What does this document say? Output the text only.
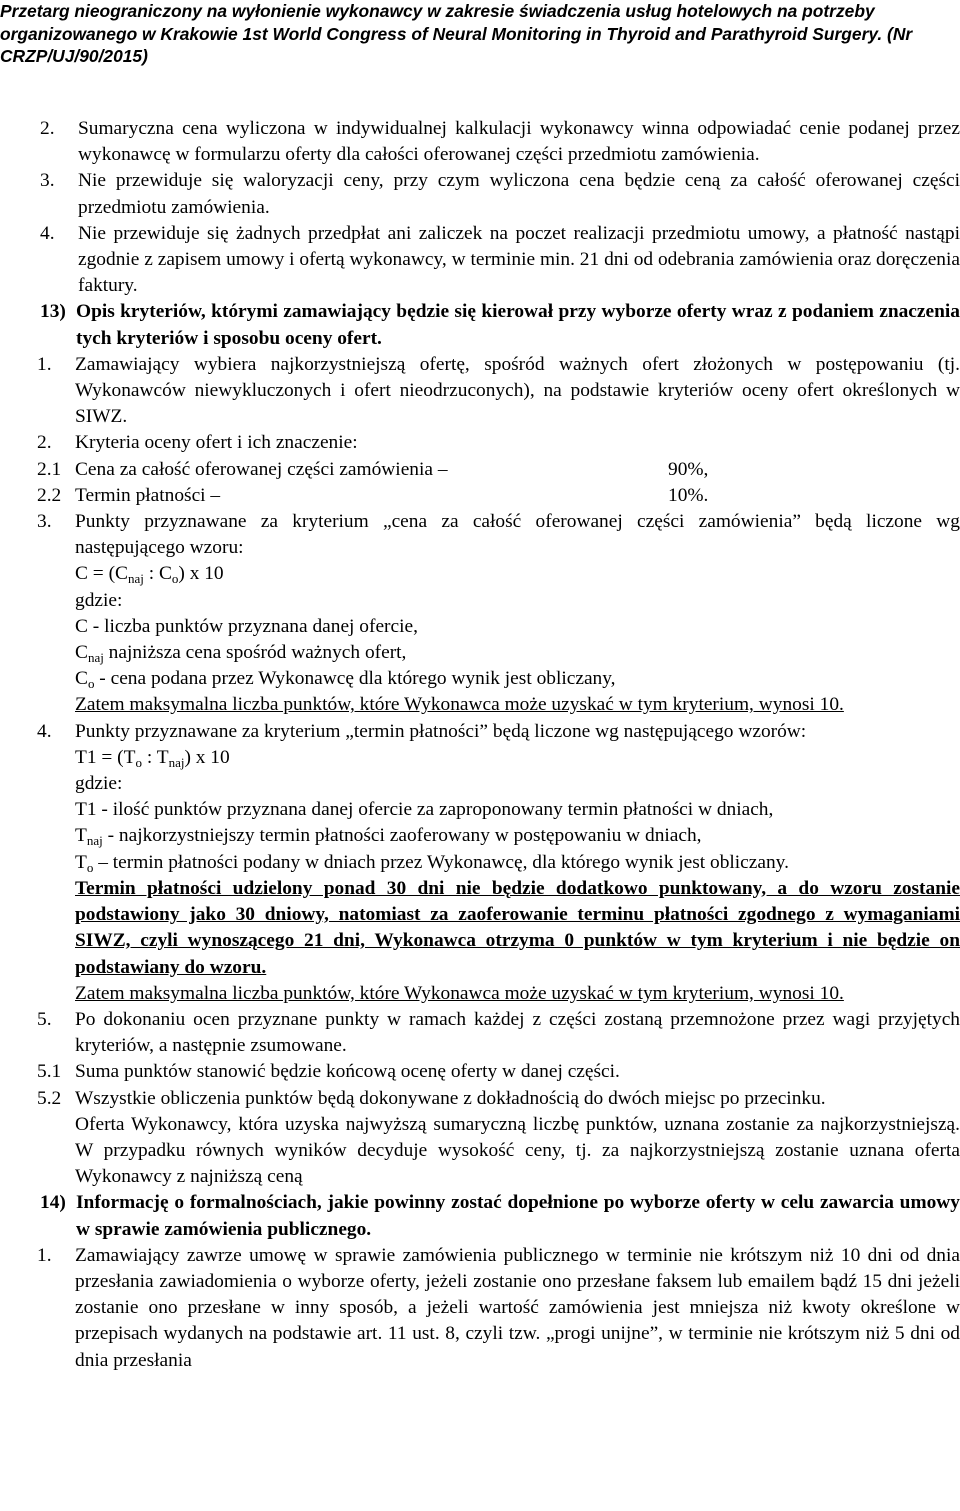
Przetarg nieograniczony na wyłonienie wykonawcy w zakresie świadczenia usług hotelowych na potrzeby
organizowanego w Krakowie 1st World Congress of Neural Monitoring in Thyroid and Parathyroid Surgery. (Nr
CRZP/UJ/90/2015)
2.	Sumaryczna cena wyliczona w indywidualnej kalkulacji wykonawcy winna odpowiadać cenie podanej przez wykonawcę w formularzu oferty dla całości oferowanej części przedmiotu zamówienia.
3.	Nie przewiduje się waloryzacji ceny, przy czym wyliczona cena będzie ceną za całość oferowanej części przedmiotu zamówienia.
4.	Nie przewiduje się żadnych przedpłat ani zaliczek na poczet realizacji przedmiotu umowy, a płatność nastąpi zgodnie z zapisem umowy i ofertą wykonawcy, w terminie min. 21 dni od odebrania zamówienia oraz doręczenia faktury.
13) Opis kryteriów, którymi zamawiający będzie się kierował przy wyborze oferty wraz z podaniem znaczenia tych kryteriów i sposobu oceny ofert.
1.	Zamawiający wybiera najkorzystniejszą ofertę, spośród ważnych ofert złożonych w postępowaniu (tj. Wykonawców niewykluczonych i ofert nieodrzuconych), na podstawie kryteriów oceny ofert określonych w SIWZ.
2.	Kryteria oceny ofert i ich znaczenie:
2.1 Cena za całość oferowanej części zamówienia –	90%,
2.2 Termin płatności –	10%.
3.	Punkty przyznawane za kryterium „cena za całość oferowanej części zamówienia” będą liczone wg następującego wzoru:
$C = (C_{naj}$ : $C_o$) x 10
gdzie:
C - liczba punktów przyznana danej ofercie,
$C_{naj}$ najniższa cena spośród ważnych ofert,
$C_o$ - cena podana przez Wykonawcę dla którego wynik jest obliczany,
Zatem maksymalna liczba punktów, które Wykonawca może uzyskać w tym kryterium, wynosi 10.
4.	Punkty przyznawane za kryterium „termin płatności” będą liczone wg następującego wzorów:
$T1 = (T_o$ : $T_{naj}$) x 10
gdzie:
T1 - ilość punktów przyznana danej ofercie za zaproponowany termin płatności w dniach,
$T_{naj}$ - najkorzystniejszy termin płatności zaoferowany w postępowaniu w dniach,
$T_o$ – termin płatności podany w dniach przez Wykonawcę, dla którego wynik jest obliczany.
Termin płatności udzielony ponad 30 dni nie będzie dodatkowo punktowany, a do wzoru zostanie podstawiony jako 30 dniowy, natomiast za zaoferowanie terminu płatności zgodnego z wymaganiami SIWZ, czyli wynoszącego 21 dni, Wykonawca otrzyma 0 punktów w tym kryterium i nie będzie on podstawiany do wzoru.
Zatem maksymalna liczba punktów, które Wykonawca może uzyskać w tym kryterium, wynosi 10.
5.	Po dokonaniu ocen przyznane punkty w ramach każdej z części zostaną przemnożone przez wagi przyjętych kryteriów, a następnie zsumowane.
5.1 Suma punktów stanowić będzie końcową ocenę oferty w danej części.
5.2 Wszystkie obliczenia punktów będą dokonywane z dokładnością do dwóch miejsc po przecinku.
Oferta Wykonawcy, która uzyska najwyższą sumaryczną liczbę punktów, uznana zostanie za najkorzystniejszą. W przypadku równych wyników decyduje wysokość ceny, tj. za najkorzystniejszą zostanie uznana oferta Wykonawcy z najniższą ceną
14) Informację o formalnościach, jakie powinny zostać dopełnione po wyborze oferty w celu zawarcia umowy w sprawie zamówienia publicznego.
1.	Zamawiający zawrze umowę w sprawie zamówienia publicznego w terminie nie krótszym niż 10 dni od dnia przesłania zawiadomienia o wyborze oferty, jeżeli zostanie ono przesłane faksem lub emailem bądź 15 dni jeżeli zostanie ono przesłane w inny sposób, a jeżeli wartość zamówienia jest mniejsza niż kwoty określone w przepisach wydanych na podstawie art. 11 ust. 8, czyli tzw. „progi unijne”, w terminie nie krótszym niż 5 dni od dnia przesłania
